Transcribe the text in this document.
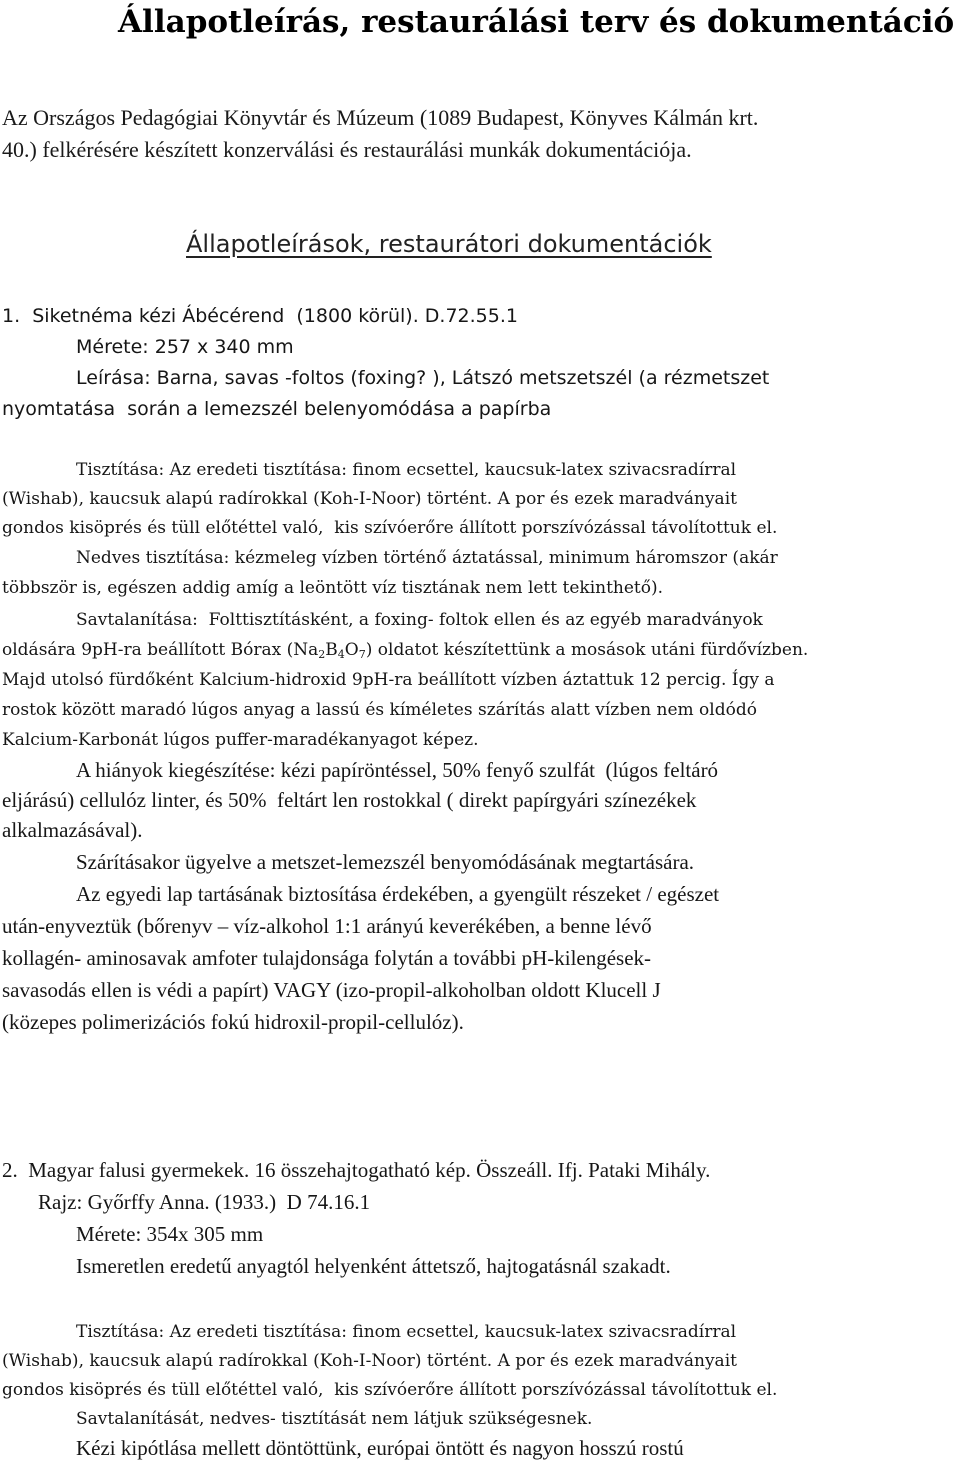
Állapotleírás, restaurálási terv és dokumentáció

Az Országos Pedagógiai Könyvtár és Múzeum (1089 Budapest, Könyves Kálmán krt.

40.) felkérésére készített konzerválási és restaurálási munkák dokumentációja.

Állapotleírások, restaurátori dokumentációk

1.  Siketnéma kézi Ábécérend  (1800 körül). D.72.55.1

Mérete: 257 x 340 mm

Leírása: Barna, savas -foltos (foxing? ), Látszó metszetszél (a rézmetszet

nyomtatása  során a lemezszél belenyomódása a papírba

Tisztítása: Az eredeti tisztítása: finom ecsettel, kaucsuk-latex szivacsradírral

(Wishab), kaucsuk alapú radírokkal (Koh-I-Noor) történt. A por és ezek maradványait

gondos kisöprés és tüll előtéttel való,  kis szívóerőre állított porszívózással távolítottuk el.

Nedves tisztítása: kézmeleg vízben történő áztatással, minimum háromszor (akár

többször is, egészen addig amíg a leöntött víz tisztának nem lett tekinthető).

Savtalanítása:  Folttisztításként, a foxing- foltok ellen és az egyéb maradványok

oldására 9pH-ra beállított Bórax $(Na_2B_4O_7)$ oldatot készítettünk a mosások utáni fürdővízben.

Majd utolsó fürdőként Kalcium-hidroxid 9pH-ra beállított vízben áztattuk 12 percig. Így a

rostok között maradó lúgos anyag a lassú és kíméletes szárítás alatt vízben nem oldódó

Kalcium-Karbonát lúgos puffer-maradékanyagot képez.

A hiányok kiegészítése: kézi papíröntéssel, 50% fenyő szulfát  (lúgos feltáró

eljárású) cellulóz linter, és 50%  feltárt len rostokkal ( direkt papírgyári színezékek

alkalmazásával).

Szárításakor ügyelve a metszet-lemezszél benyomódásának megtartására.

Az egyedi lap tartásának biztosítása érdekében, a gyengült részeket / egészet

után-enyveztük (bőrenyv – víz-alkohol 1:1 arányú keverékében, a benne lévő

kollagén- aminosavak amfoter tulajdonsága folytán a további pH-kilengések-

savasodás ellen is védi a papírt) VAGY (izo-propil-alkoholban oldott Klucell J

(közepes polimerizációs fokú hidroxil-propil-cellulóz).

2.  Magyar falusi gyermekek. 16 összehajtogatható kép. Összeáll. Ifj. Pataki Mihály.

Rajz: Győrffy Anna. (1933.)  D 74.16.1

Mérete: 354x 305 mm

Ismeretlen eredetű anyagtól helyenként áttetsző, hajtogatásnál szakadt.

Tisztítása: Az eredeti tisztítása: finom ecsettel, kaucsuk-latex szivacsradírral

(Wishab), kaucsuk alapú radírokkal (Koh-I-Noor) történt. A por és ezek maradványait

gondos kisöprés és tüll előtéttel való,  kis szívóerőre állított porszívózással távolítottuk el.

Savtalanítását, nedves- tisztítását nem látjuk szükségesnek.

Kézi kipótlása mellett döntöttünk, európai öntött és nagyon hosszú rostú
